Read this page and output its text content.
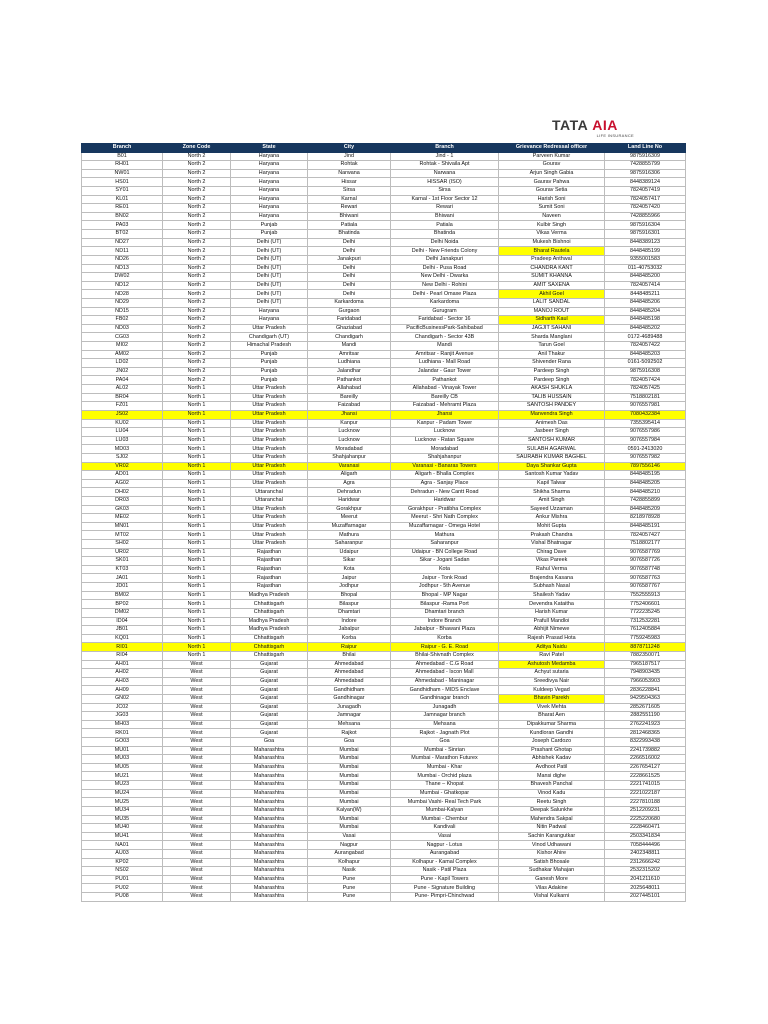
TATA AIA
LIFE INSURANCE
Branch	Zone Code	State	City	Branch	Grievance Redressal officer	Land Line No
B01	North 2	Haryana	Jind	Jind - 1	Parveen Kumar	9875916309
RH01	North 2	Haryana	Rohtak	Rohtak - Shivaila Apt	Gourav	7428855799
NW01	North 2	Haryana	Narwana	Narwana	Arjun Singh Gabia	9875916306
HS01	North 2	Haryana	Hissar	HISSAR (ISO)	Gaurav Pahwa	8448389124
SY01	North 2	Haryana	Sirsa	Sirsa	Gourav Setia	7824057419
KL01	North 2	Haryana	Karnal	Karnal - 1st Floor Sector 12	Harish Soni	7824057417
RE01	North 2	Haryana	Rewari	Rewari	Sumit Soni	7824057420
BN02	North 2	Haryana	Bhiwani	Bhiwani	Naveen	7428855966
PA03	North 2	Punjab	Patiala	Patiala	Kulbir Singh	9875916304
BT02	North 2	Punjab	Bhatinda	Bhatinda	Vikas Verma	9875916301
ND27	North 2	Delhi (UT)	Delhi	Delhi Noida	Mukesh Bishnoi	8448389123
ND11	North 2	Delhi (UT)	Delhi	Delhi - New Friends Colony	Bharat Rautela	8448485199
ND26	North 2	Delhi (UT)	Janakpuri	Delhi Janakpuri	Pradeep Anthwal	9355001583
ND13	North 2	Delhi (UT)	Delhi	Delhi - Pusa Road	CHANDRA KANT	011-40753032
DW02	North 2	Delhi (UT)	Delhi	New Delhi - Dwarka	SUMIT KHANNA	8448485200
ND12	North 2	Delhi (UT)	Delhi	New Delhi - Rohini	AMIT SAXENA	7824057414
ND28	North 2	Delhi (UT)	Delhi	Delhi - Pearl Omaxe Plaza	Akhil Goel	8448485211
ND29	North 2	Delhi (UT)	Karkardoma	Karkardoma	LALIT SANDAL	8448485206
ND15	North 2	Haryana	Gurgaon	Gurugram	MANOJ ROUT	8448485204
FB02	North 2	Haryana	Faridabad	Faridabad - Sector 16	Sidharth Kaul	8448485198
ND03	North 2	Uttar Pradesh	Ghaziabad	PacificBusinessPark-Sahibabad	JAGJIT SAHANI	8448485202
CG03	North 2	Chandigarh (UT)	Chandigarh	Chandigarh - Sector 43B	Sharda Manglani	0172-4689488
MI02	North 2	Himachal Pradesh	Mandi	Mandi	Tarun Goel	7824057422
AM02	North 2	Punjab	Amritsar	Amritsar - Ranjit Avenue	Anil Thakur	8448485203
LD02	North 2	Punjab	Ludhiana	Ludhiana - Mall Road	Shivender Rana	0161-5092502
JN02	North 2	Punjab	Jalandhar	Jalandar - Gaur Tower	Pardeep Singh	9875916308
PA04	North 2	Punjab	Pathankot	Pathankot	Pardeep Singh	7824057424
AL02	North 1	Uttar Pradesh	Allahabad	Allahabad - Vinayak Tower	AKASH SHUKLA	7824057425
BR04	North 1	Uttar Pradesh	Bareilly	Bareilly CB	TALIB HUSSAIN	7518802181
FZ01	North 1	Uttar Pradesh	Faizabad	Faizabad - Mehramt Plaza	SANTOSH PANDEY	9076557981
JS02	North 1	Uttar Pradesh	Jhansi	Jhansi	Manvendra Singh	7080432384
KU02	North 1	Uttar Pradesh	Kanpur	Kanpur - Padam Tower	Animesh Das	7355395414
LU04	North 1	Uttar Pradesh	Lucknow	Lucknow	Jasbeer Singh	9076557986
LU03	North 1	Uttar Pradesh	Lucknow	Lucknow - Ratan Square	SANTOSH KUMAR	9076557984
MD03	North 1	Uttar Pradesh	Moradabad	Moradabad	SULABH AGARWAL	0591-2413020
SJ02	North 1	Uttar Pradesh	Shahjahanpur	Shahjahanpur	SAURABH KUMAR BAGHEL	9076557982
VR02	North 1	Uttar Pradesh	Varanasi	Varanasi - Banaras Towers	Daya Shankar Gupta	7897556146
AD01	North 1	Uttar Pradesh	Aligarh	Aligarh - Bhalla Complex	Santosh Kumar Yadav	8448485195
AG02	North 1	Uttar Pradesh	Agra	Agra - Sanjay Place	Kapil Talwar	8448485205
DH02	North 1	Uttaranchal	Dehradun	Dehradun - New Cantt Road	Shikha Sharma	8448485210
DR03	North 1	Uttaranchal	Haridwar	Haridwar	Amit Singh	7428855899
GK03	North 1	Uttar Pradesh	Gorakhpur	Gorakhpur - Pratibha Complex	Sayeed Uzzaman	8448485209
ME02	North 1	Uttar Pradesh	Meerut	Meerut - Shri Nath Complex	Ankur Mishra	8218978928
MN01	North 1	Uttar Pradesh	Muzaffarnagar	Muzaffarnagar - Omega Hotel	Mohit Gupta	8448485191
MT02	North 1	Uttar Pradesh	Mathura	Mathura	Prakash Chandra	7824057427
SH02	North 1	Uttar Pradesh	Saharanpur	Saharanpur	Vishal Bhatnagar	7518802177
UR02	North 1	Rajasthan	Udaipur	Udaipur - BN College Road	Chirag Dave	9076587769
SK01	North 1	Rajasthan	Sikar	Sikar - Jogani Sadan	Vikas Pareek	9076587726
KT03	North 1	Rajasthan	Kota	Kota	Rahul Verma	9076587748
JA01	North 1	Rajasthan	Jaipur	Jaipur - Tonk Road	Brajendra Kasana	9076587763
JD01	North 1	Rajasthan	Jodhpur	Jodhpur - 5th Avenue	Subhash Nasal	9076587767
BM02	North 1	Madhya Pradesh	Bhopal	Bhopal - MP Nagar	Shailesh Yadav	7552555913
BP02	North 1	Chhattisgarh	Bilaspur	Bilaspur -Rama Port	Devendra Kataitha	7752406601
DM02	North 1	Chhattisgarh	Dhamtari	Dhamtari branch	Harish Kumar	7722235245
ID04	North 1	Madhya Pradesh	Indore	Indore Branch	Prafull Mandloi	7312532281
JB01	North 1	Madhya Pradesh	Jabalpur	Jabalpur - Bhawani Plaza	Abhijit Nimewe	7612405884
KQ01	North 1	Chhattisgarh	Korba	Korba	Rajesh Prasad Hota	7759245983
RI01	North 1	Chhattisgarh	Raipur	Raipur - G. E. Road	Aditya Naidu	8878711248
RI04	North 1	Chhattisgarh	Bhilai	Bhilai-Shivnath Complex	Ravi Patel	7882350071
AH01	West	Gujarat	Ahmedabad	Ahmedabad - C.G Road	Ashutosh Medamba	7965187517
AH02	West	Gujarat	Ahmedabad	Ahmedabad - Iscon Mall	Achyut sutaria	7948903435
AH03	West	Gujarat	Ahmedabad	Ahmedabad - Maninagar	Sreedivya Nair	7966053903
AH09	West	Gujarat	Gandhidham	Gandhidham - MIDS Enclave	Kuldeep Vegad	2836228841
GN02	West	Gujarat	Gandhinagar	Gandhinagar branch	Bhavin Parekh	9429504363
JC02	West	Gujarat	Junagadh	Junagadh	Vivek Mehta	2852671605
JG03	West	Gujarat	Jamnagar	Jamnagar branch	Bharat Aen	2882551190
MH03	West	Gujarat	Mehsana	Mehsana	Dipakkumar Sharma	2762241923
RK01	West	Gujarat	Rajkot	Rajkot - Jagnath Plot	Kundloran Gandhi	2812468365
GO03	West	Goa	Goa	Goa	Joseph Cardozo	8322993438
MU01	West	Maharashtra	Mumbai	Mumbai - Sinrian	Prashant Ghotap	2241739882
MU03	West	Maharashtra	Mumbai	Mumbai - Marathon Futurex	Abhishek Kadav	2266516002
MU05	West	Maharashtra	Mumbai	Mumbai - Khar	Avdhoot Patil	2267654127
MU21	West	Maharashtra	Mumbai	Mumbai - Orchid plaza	Mansi dighe	2228661525
MU23	West	Maharashtra	Mumbai	Thane – Khopat	Bhavesh Panchal	2221741015
MU24	West	Maharashtra	Mumbai	Mumbai - Ghatkopar	Vinod Kadu	2221022187
MU25	West	Maharashtra	Mumbai	Mumbai Vashi- Real Tech Park	Reetu Singh	2227810188
MU34	West	Maharashtra	Kalyan(W)	Mumbai-Kalyan	Deepak Salunkhe	2512209231
MU35	West	Maharashtra	Mumbai	Mumbai - Chembur	Mahendra Sakpal	2225220680
MU40	West	Maharashtra	Mumbai	Kandivali	Nitin Padwal	2228460471
MU41	West	Maharashtra	Vasai	Vasai	Sachin Karangutkar	2503341834
NA01	West	Maharashtra	Nagpur	Nagpur - Lotus	Vinod Udhawani	7058444496
AU03	West	Maharashtra	Aurangabad	Aurangabad	Kishor Ahire	2402348811
KP02	West	Maharashtra	Kolhapur	Kolhapur - Kamal Complex	Satish Bhosale	2312666242
NS02	West	Maharashtra	Nasik	Nasik - Patil Plaza	Sudhakar Mahajan	2532315202
PU01	West	Maharashtra	Pune	Pune - Kapil Towers	Ganesh More	2041211610
PU02	West	Maharashtra	Pune	Pune - Signature Building	Vilas Adakine	2025648011
PU08	West	Maharashtra	Pune	Pune- Pimpri-Chinchwad	Vishal Kulkarni	2027445101
